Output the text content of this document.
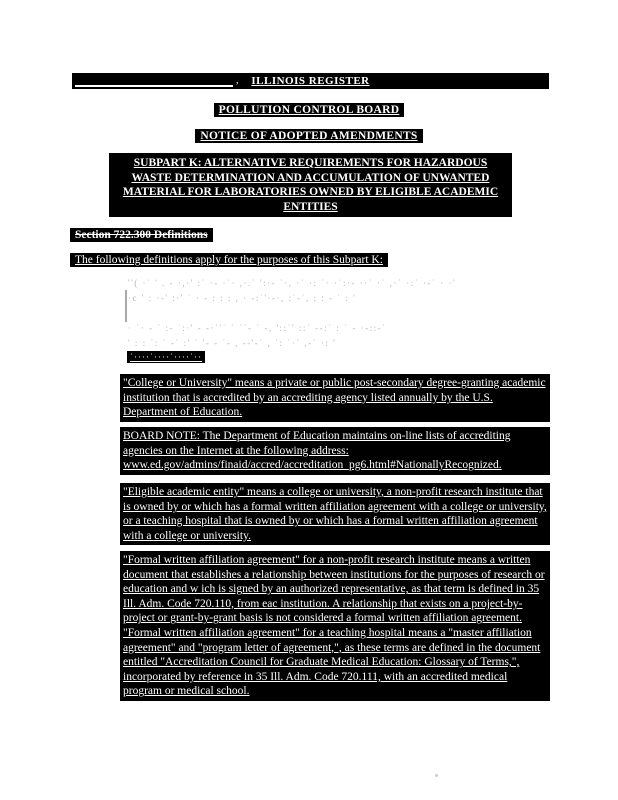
,	ILLINOIS REGISTER
POLLUTION CONTROL BOARD
NOTICE OF ADOPTED AMENDMENTS
SUBPART K: ALTERNATIVE REQUIREMENTS FOR HAZARDOUS
WASTE DETERMINATION AND ACCUMULATION OF UNWANTED
MATERIAL FOR LABORATORIES OWNED BY ELIGIBLE ACADEMIC
ENTITIES
Section 722.300 Definitions
The following definitions apply for the purposes of this Subpart K:
''( ·˙ ' . - ·,·' :˙ ·- ·˙· ,·.˙ ':·- ˙·, ·˙ ·: ˙· ·˙:·- ··˙ ·˙ ,·˙ ·:˙ ·-˙ · ·'
·c ' : ·-' :·' ˙ · - : : : , · -:˙'·-·, :˙-˙, : : - ˙ : '
· ˙· - ˙ :- ˙:·' - -·˙'˙ ˙ ˙˙- ˙ -, '::˙' ::˙ --:˙ : ˙ - ·-::-˙
' : : ˙: ˙ -˙ :' ˙ '- - ˙- , --'-˙ , ˙: ˙·˙ ,-˙ ·: '
˙····˙····˙····˙··
"College or University" means a private or public post-secondary degree-granting academic institution that is accredited by an accrediting agency listed annually by the U.S. Department of Education.
BOARD NOTE: The Department of Education maintains on-line lists of accrediting agencies on the Internet at the following address: www.ed.gov/admins/finaid/accred/accreditation_pg6.html#NationallyRecognized.
"Eligible academic entity" means a college or university, a non-profit research institute that is owned by or which has a formal written affiliation agreement with a college or university, or a teaching hospital that is owned by or which has a formal written affiliation agreement with a college or university.
"Formal written affiliation agreement" for a non-profit research institute means a written document that establishes a relationship between institutions for the purposes of research or education and w ich is signed by an authorized representative, as that term is defined in 35 Ill. Adm. Code 720.110, from eac institution. A relationship that exists on a project-by-project or grant-by-grant basis is not considered a formal written affiliation agreement. "Formal written affiliation agreement" for a teaching hospital means a "master affiliation agreement" and "program letter of agreement,", as these terms are defined in the document entitled "Accreditation Council for Graduate Medical Education: Glossary of Terms,", incorporated by reference in 35 Ill. Adm. Code 720.111, with an accredited medical program or medical school.
